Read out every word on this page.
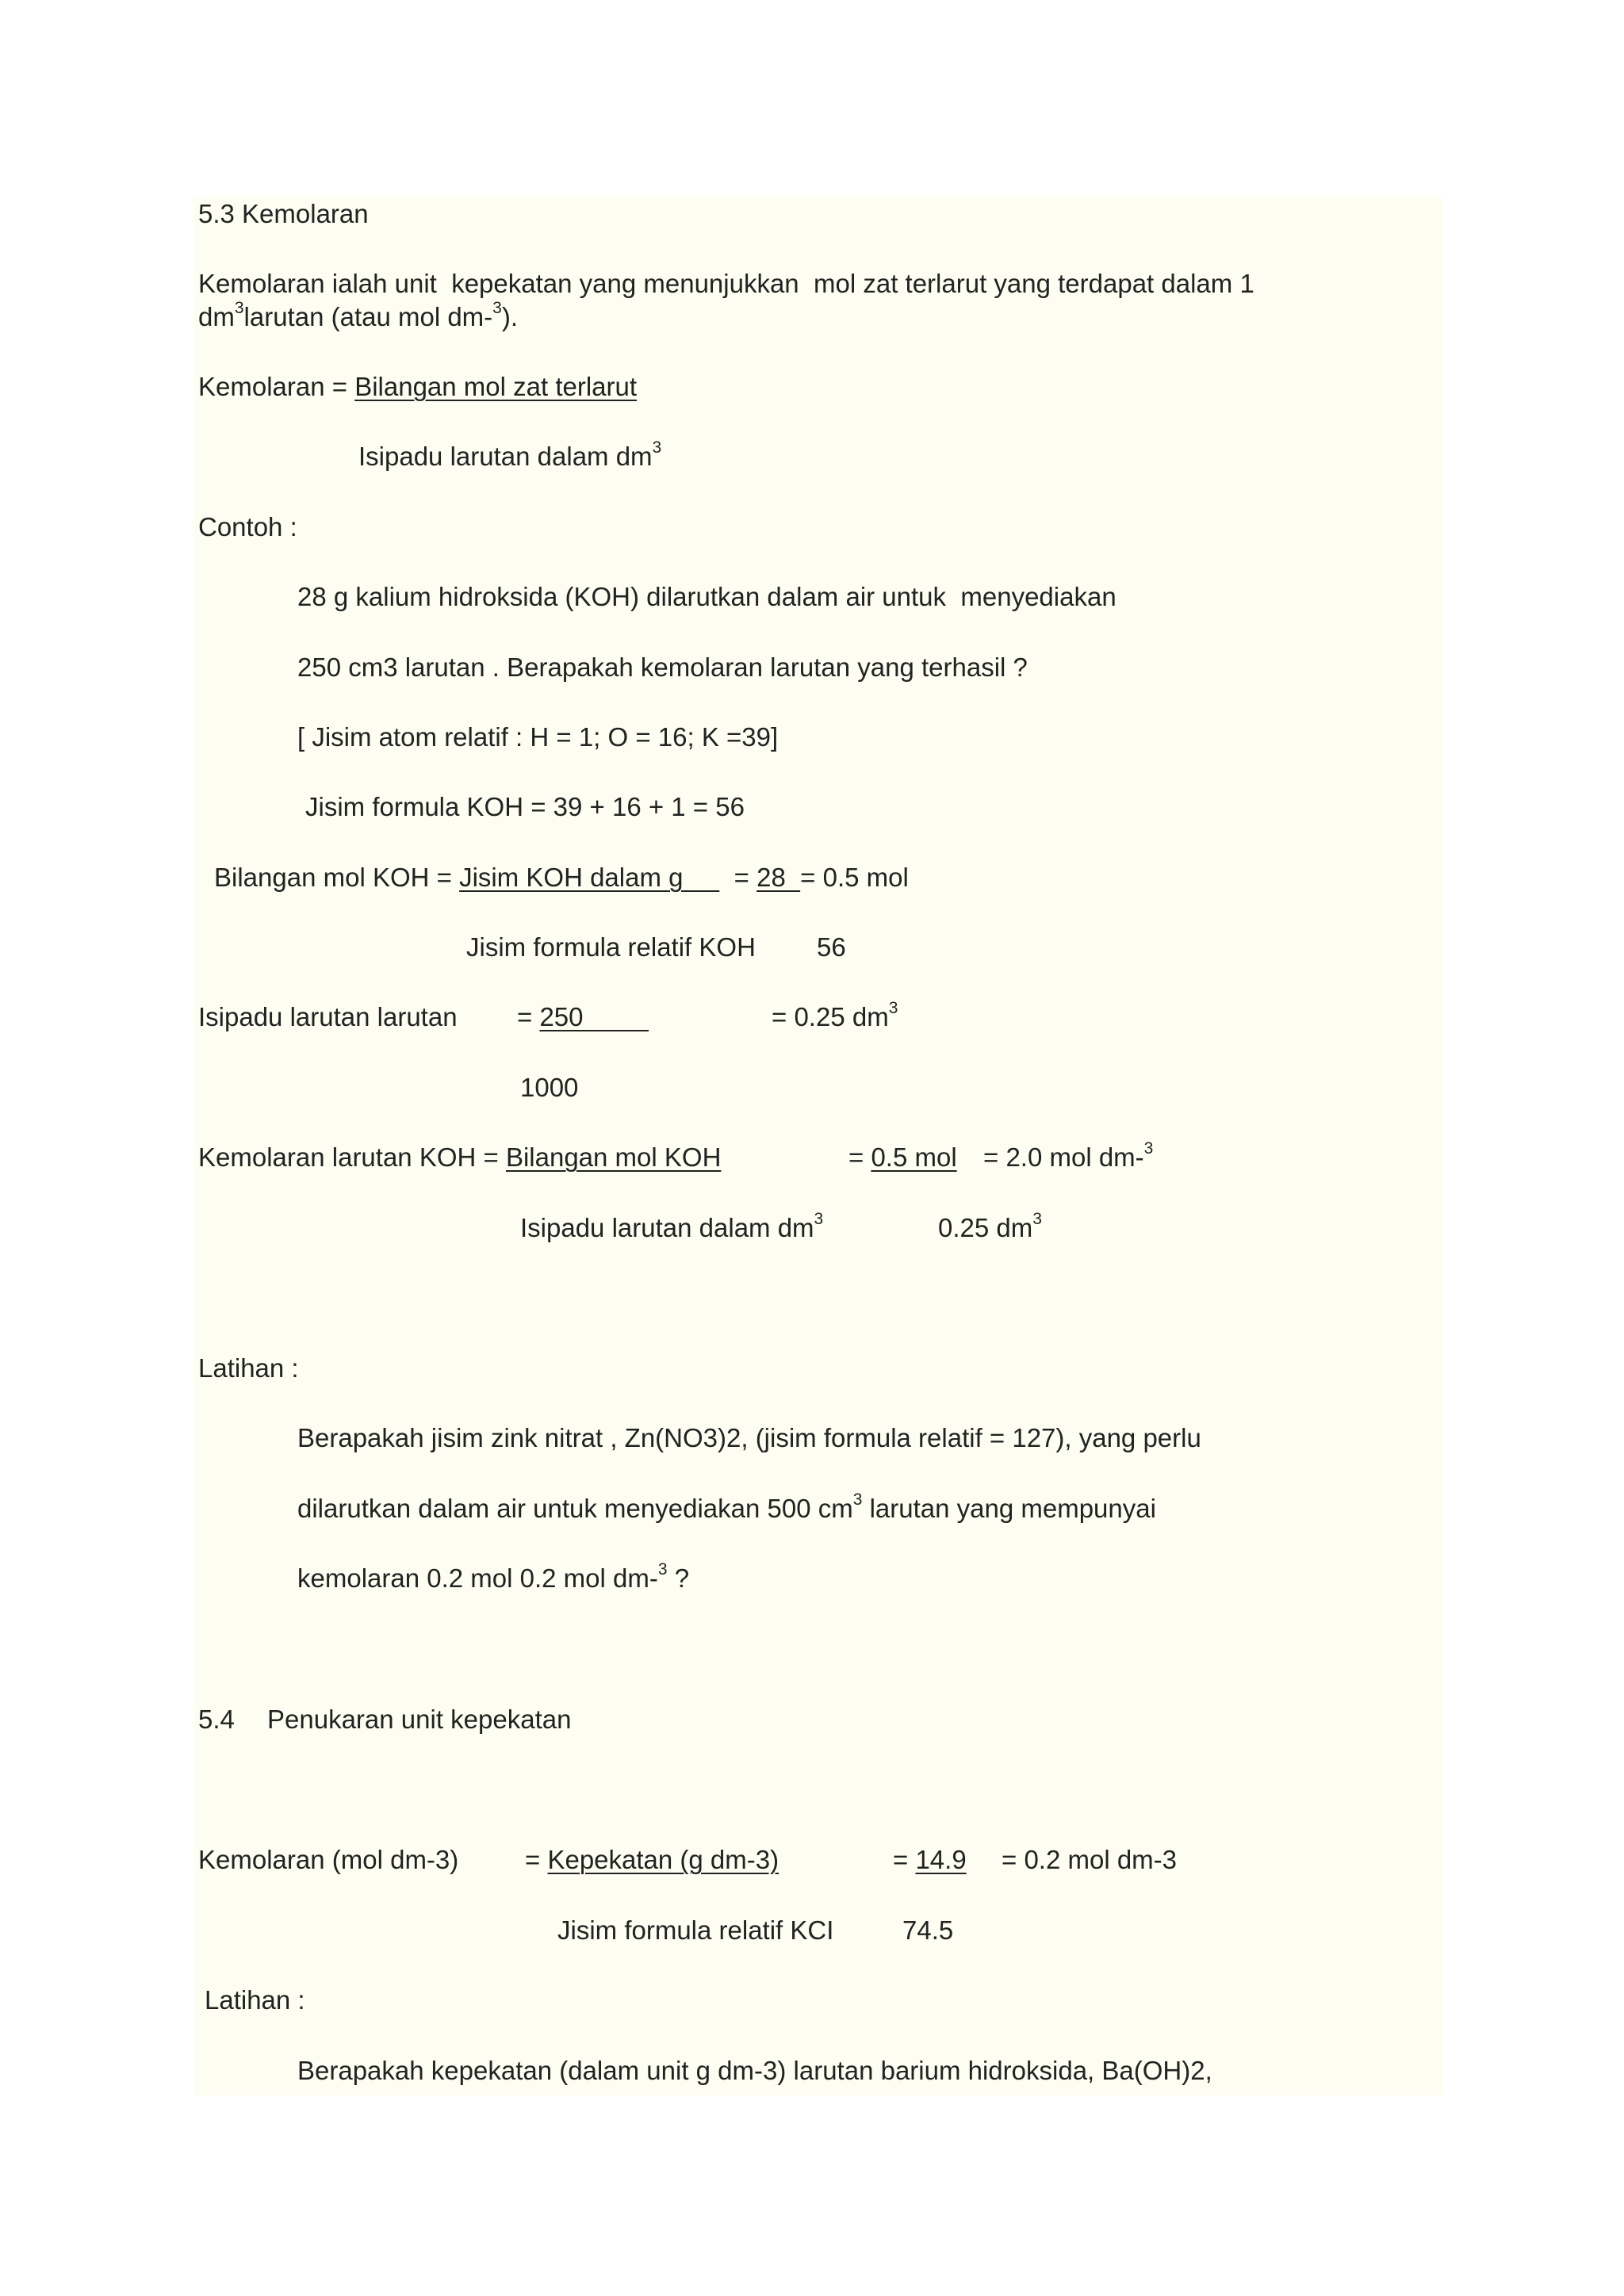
5.3 Kemolaran
Kemolaran ialah unit  kepekatan yang menunjukkan  mol zat terlarut yang terdapat dalam 1
$dm^3larutan$ (atau mol dm-$^3$).
Kemolaran = Bilangan mol zat terlarut
Isipadu larutan dalam $dm^3$
Contoh :
28 g kalium hidroksida (KOH) dilarutkan dalam air untuk  menyediakan
250 cm3 larutan . Berapakah kemolaran larutan yang terhasil ?
[ Jisim atom relatif : H = 1; O = 16; K =39]
Jisim formula KOH = 39 + 16 + 1 = 56
Bilangan mol KOH = Jisim KOH dalam g       = 28  = 0.5 mol
Jisim formula relatif KOH 56
Isipadu larutan larutan = 250	= 0.25 $dm^3$
1000
Kemolaran larutan KOH = Bilangan mol KOH	= 0.5 mol = 2.0 mol dm-$^3$
Isipadu larutan dalam $dm^3$	0.25 $dm^3$
Latihan :
Berapakah jisim zink nitrat , Zn(NO3)2, (jisim formula relatif = 127), yang perlu
dilarutkan dalam air untuk menyediakan 500 $cm^3$ larutan yang mempunyai
kemolaran 0.2 mol 0.2 mol dm-$^3$ ?
5.4 Penukaran unit kepekatan
Kemolaran (mol dm-3)	= Kepekatan (g dm-3)	= 14.9 = 0.2 mol dm-3
Jisim formula relatif KCI	74.5
Latihan :
Berapakah kepekatan (dalam unit g dm-3) larutan barium hidroksida, Ba(OH)2,
